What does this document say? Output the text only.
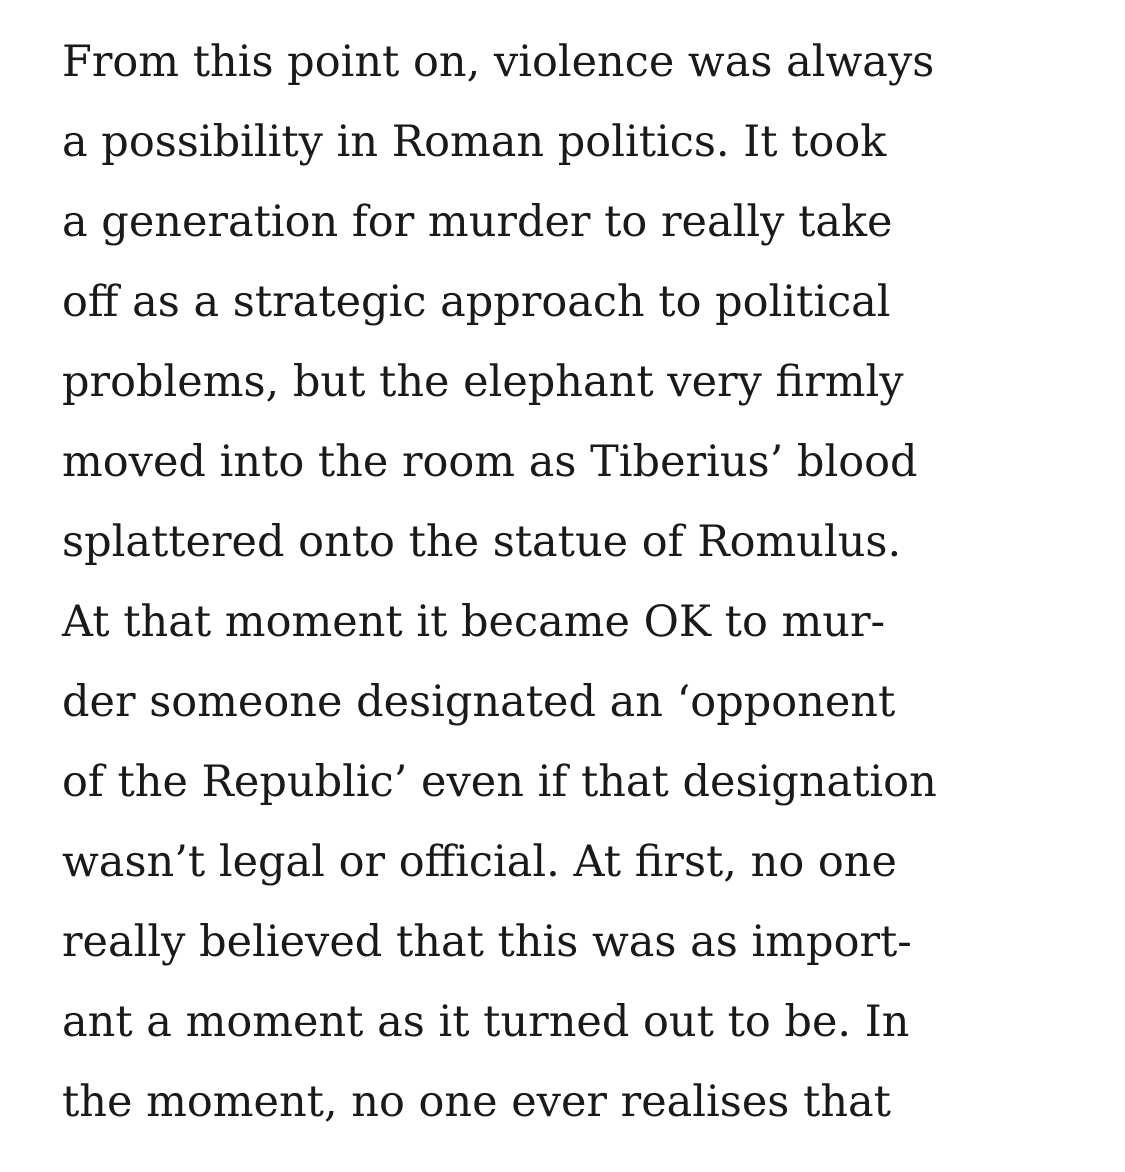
From this point on, violence was always
a possibility in Roman politics. It took
a generation for murder to really take
off as a strategic approach to political
problems, but the elephant very firmly
moved into the room as Tiberius’ blood
splattered onto the statue of Romulus.
At that moment it became OK to mur-
der someone designated an ‘opponent
of the Republic’ even if that designation
wasn’t legal or official. At first, no one
really believed that this was as import-
ant a moment as it turned out to be. In
the moment, no one ever realises that
